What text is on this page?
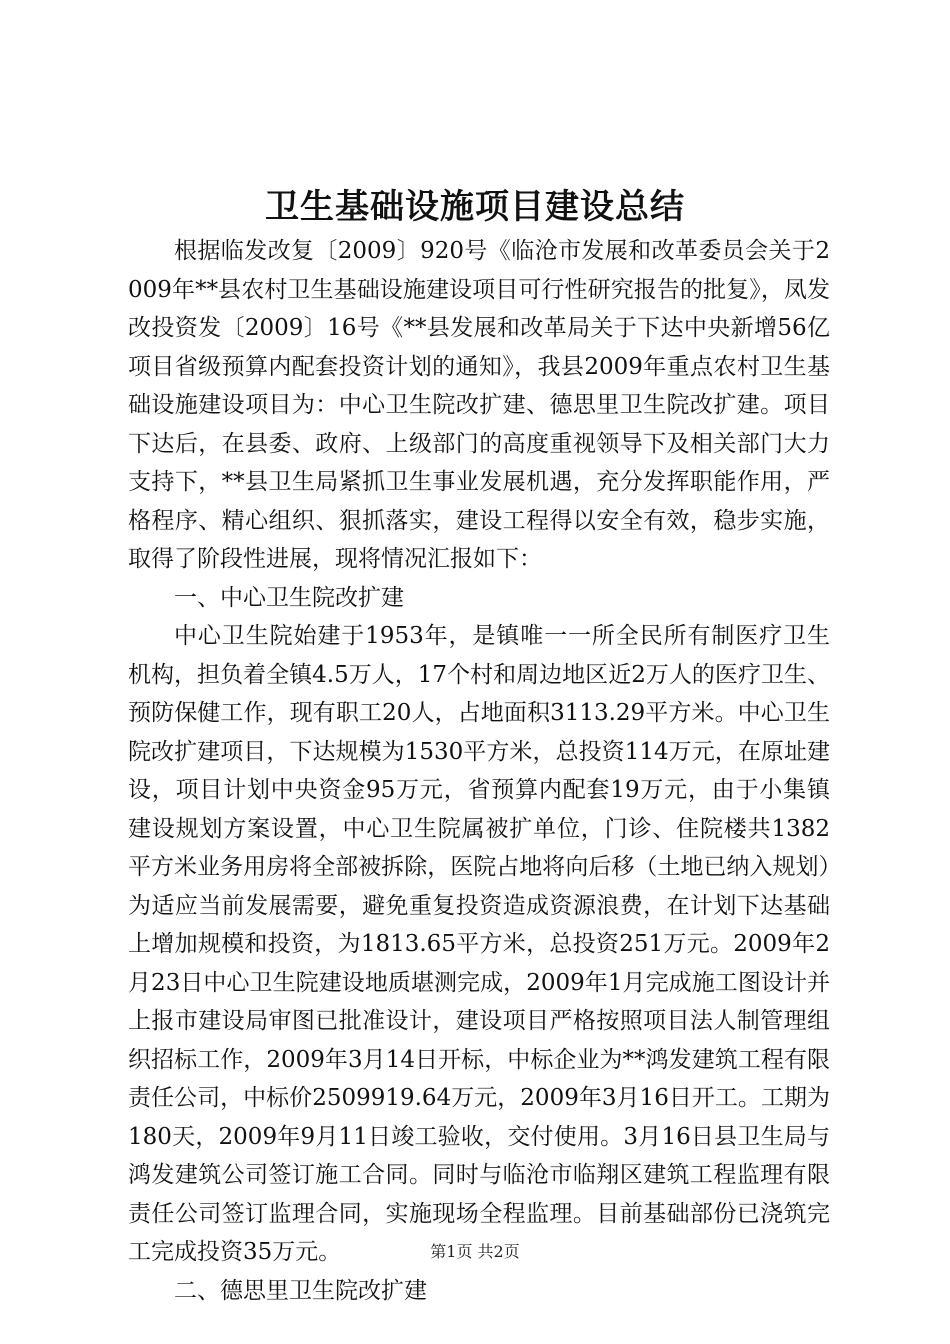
卫生基础设施项目建设总结

根据临发改复〔2009〕920号《临沧市发展和改革委员会关于2009年**县农村卫生基础设施建设项目可行性研究报告的批复》，凤发改投资发〔2009〕16号《**县发展和改革局关于下达中央新增56亿项目省级预算内配套投资计划的通知》，我县2009年重点农村卫生基础设施建设项目为：中心卫生院改扩建、德思里卫生院改扩建。项目下达后，在县委、政府、上级部门的高度重视领导下及相关部门大力支持下，**县卫生局紧抓卫生事业发展机遇，充分发挥职能作用，严格程序、精心组织、狠抓落实，建设工程得以安全有效，稳步实施，取得了阶段性进展，现将情况汇报如下：

一、中心卫生院改扩建

中心卫生院始建于1953年，是镇唯一一所全民所有制医疗卫生机构，担负着全镇4.5万人，17个村和周边地区近2万人的医疗卫生、预防保健工作，现有职工20人，占地面积3113.29平方米。中心卫生院改扩建项目，下达规模为1530平方米，总投资114万元，在原址建设，项目计划中央资金95万元，省预算内配套19万元，由于小集镇建设规划方案设置，中心卫生院属被扩单位，门诊、住院楼共1382平方米业务用房将全部被拆除，医院占地将向后移（土地已纳入规划）为适应当前发展需要，避免重复投资造成资源浪费，在计划下达基础上增加规模和投资，为1813.65平方米，总投资251万元。2009年2月23日中心卫生院建设地质堪测完成，2009年1月完成施工图设计并上报市建设局审图已批准设计，建设项目严格按照项目法人制管理组织招标工作，2009年3月14日开标，中标企业为**鸿发建筑工程有限责任公司，中标价2509919.64万元，2009年3月16日开工。工期为180天，2009年9月11日竣工验收，交付使用。3月16日县卫生局与鸿发建筑公司签订施工合同。同时与临沧市临翔区建筑工程监理有限责任公司签订监理合同，实施现场全程监理。目前基础部份已浇筑完工完成投资35万元。

二、德思里卫生院改扩建

第1页 共2页
